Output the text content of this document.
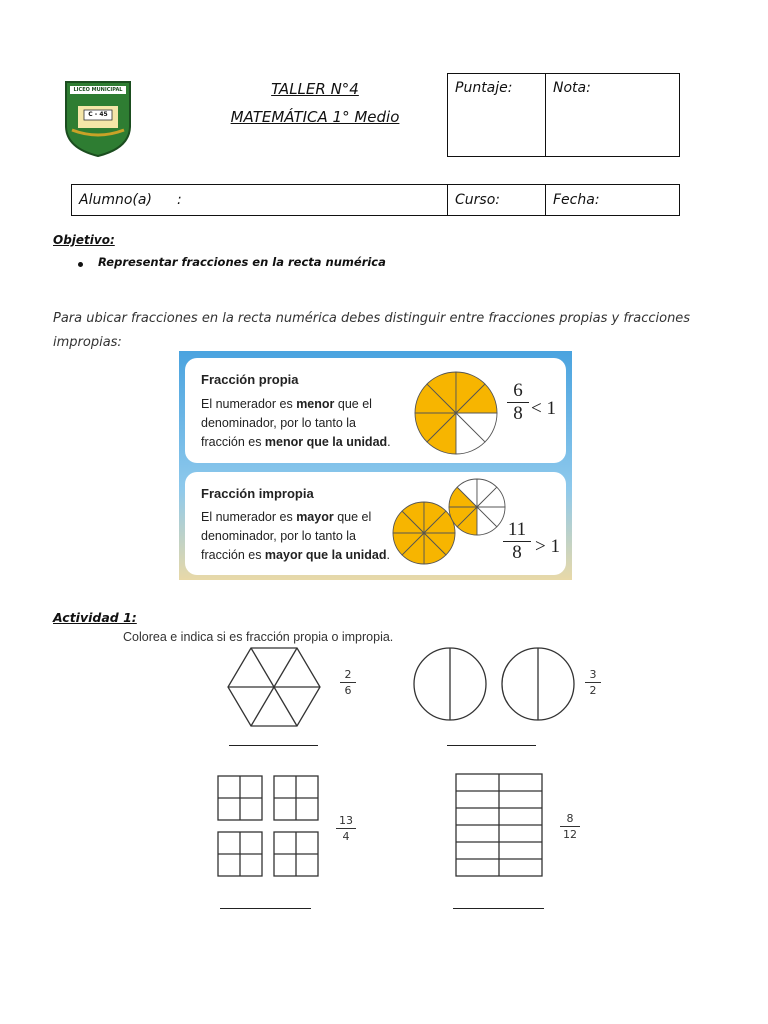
LICEO MUNICIPAL
C - 45
TALLER N°4
MATEMÁTICA 1° Medio
Puntaje:	Nota:
Alumno(a) :	Curso:	Fecha:
Objetivo:
Representar fracciones en la recta numérica
Para ubicar fracciones en la recta numérica debes distinguir entre fracciones propias y fracciones impropias:
Fracción propia
El numerador es menor que el
denominador, por lo tanto la
fracción es menor que la unidad.
6
8 < 1
Fracción impropia
El numerador es mayor que el
denominador, por lo tanto la
fracción es mayor que la unidad.
11
8 > 1
Actividad 1:
Colorea e indica si es fracción propia o impropia.
2
6
3
2
13
4
8
12
